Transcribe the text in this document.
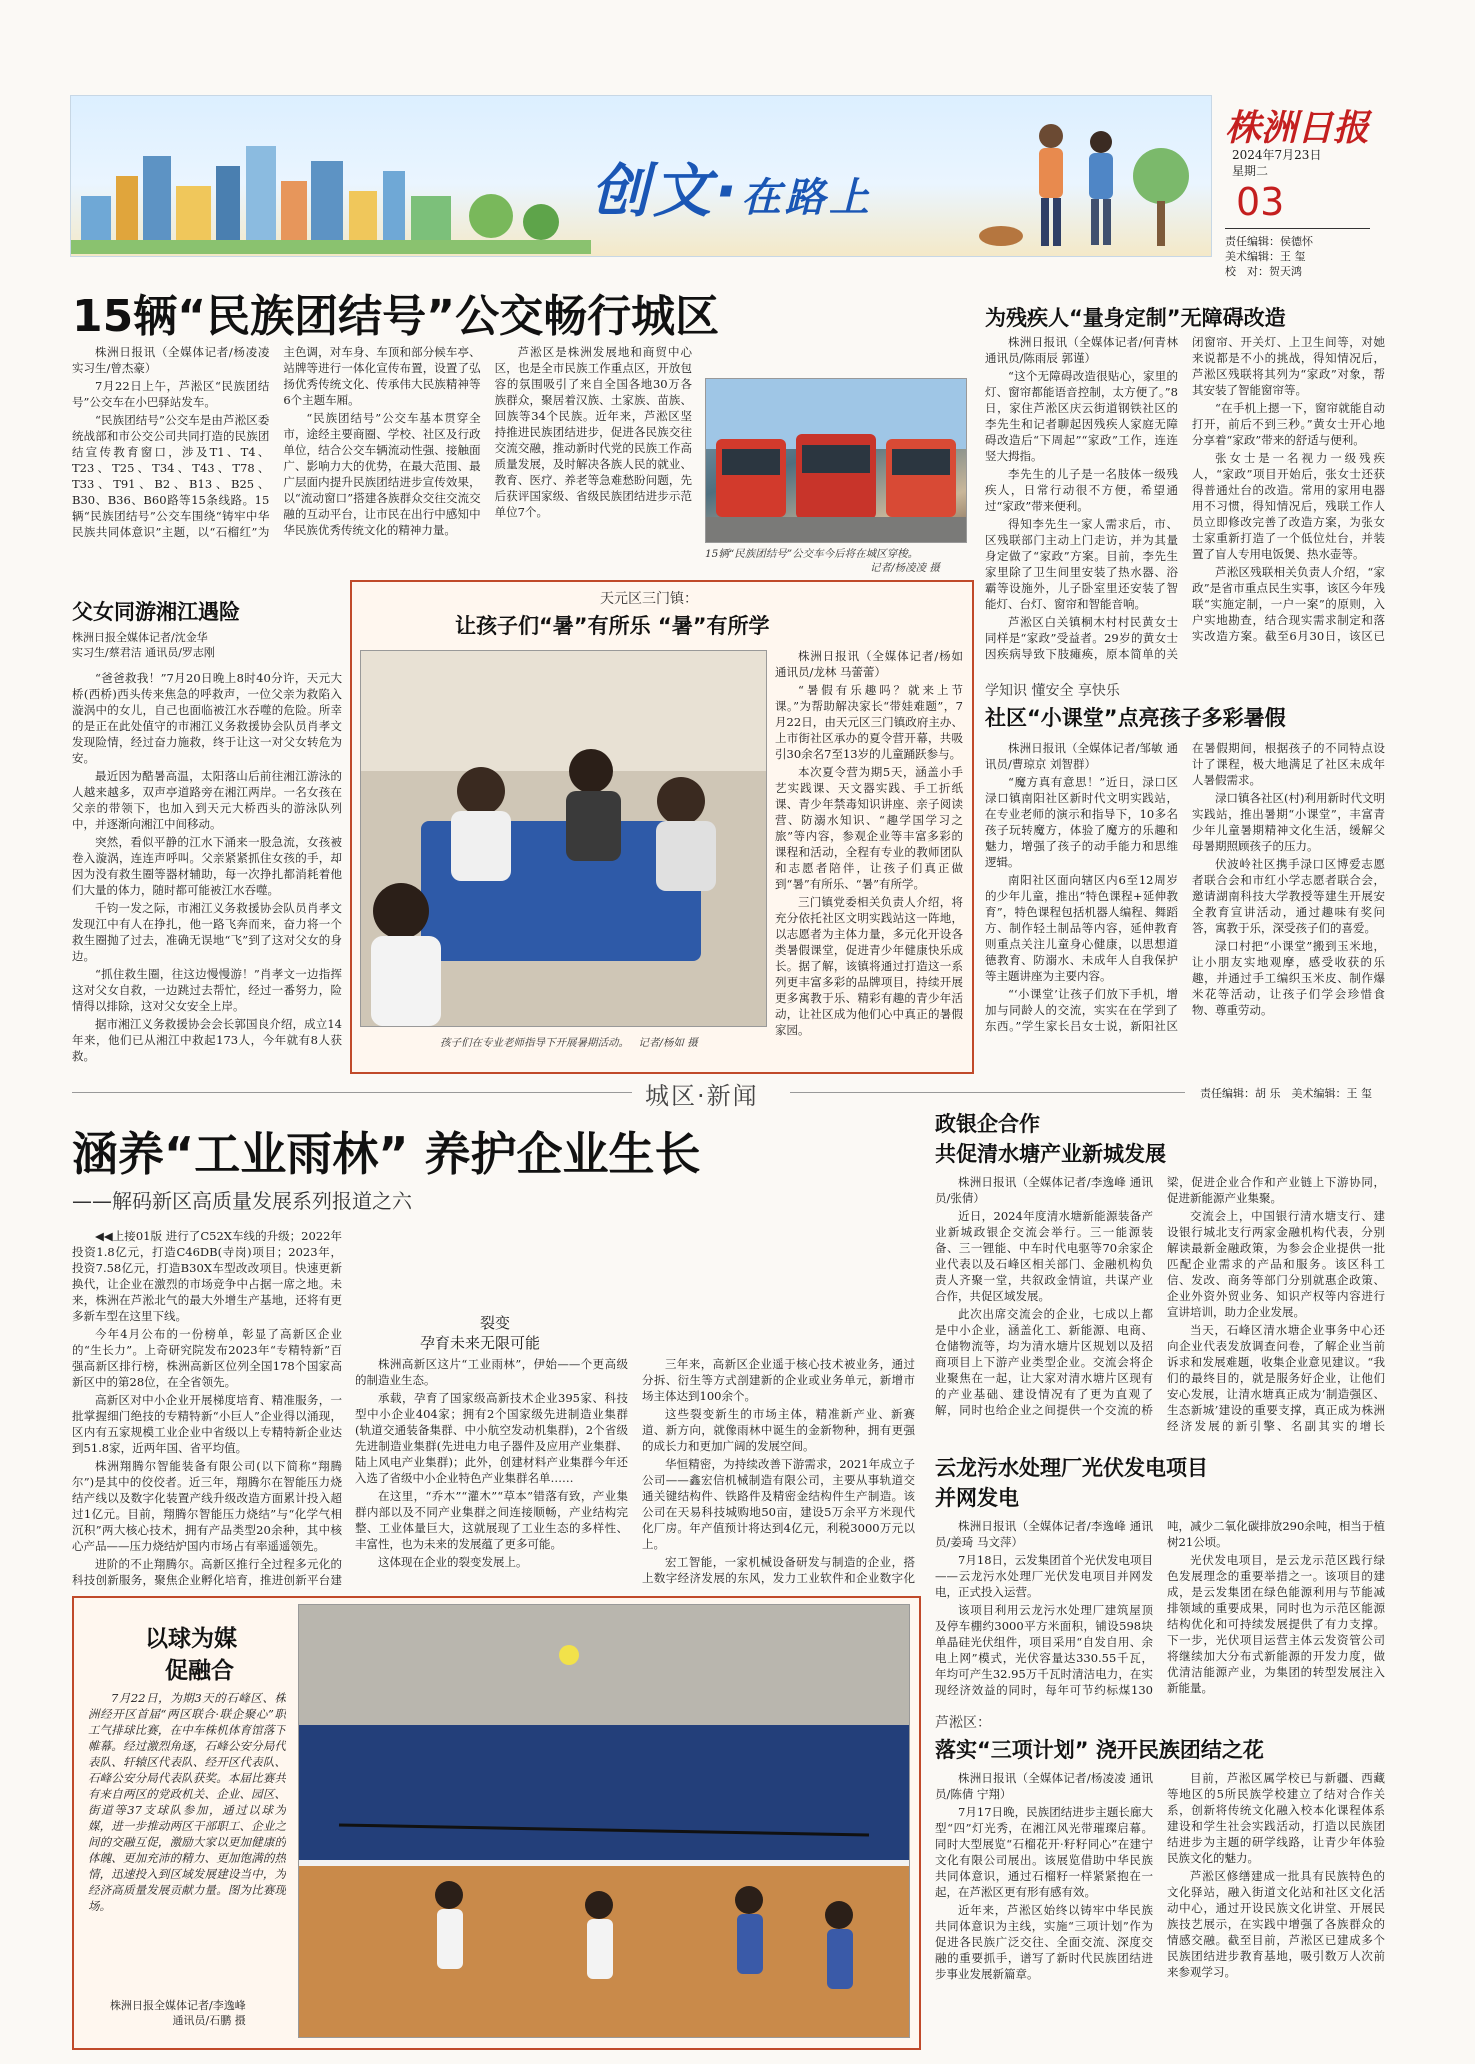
创文·在路上
株洲日报
2024年7月23日
星期二
03
责任编辑：侯德怀
美术编辑：王 玺
校　对：贺天鸿
15辆“民族团结号”公交畅行城区

株洲日报讯（全媒体记者/杨凌凌 实习生/曾杰豪）

7月22日上午，芦淞区“民族团结号”公交车在小巴驿站发车。

“民族团结号”公交车是由芦淞区委统战部和市公交公司共同打造的民族团结宣传教育窗口，涉及T1、T4、T23、T25、T34、T43、T78、T33、T91、B2、B13、B25、B30、B36、B60路等15条线路。15辆“民族团结号”公交车围绕“铸牢中华民族共同体意识”主题，以“石榴红”为主色调，对车身、车顶和部分候车亭、站牌等进行一体化宣传布置，设置了弘扬优秀传统文化、传承伟大民族精神等6个主题车厢。

“民族团结号”公交车基本贯穿全市，途经主要商圈、学校、社区及行政单位，结合公交车辆流动性强、接触面广、影响力大的优势，在最大范围、最广层面内提升民族团结进步宣传效果，以“流动窗口”搭建各族群众交往交流交融的互动平台，让市民在出行中感知中华民族优秀传统文化的精神力量。

芦淞区是株洲发展地和商贸中心区，也是全市民族工作重点区，开放包容的氛围吸引了来自全国各地30万各族群众，聚居着汉族、土家族、苗族、回族等34个民族。近年来，芦淞区坚持推进民族团结进步，促进各民族交往交流交融，推动新时代党的民族工作高质量发展，及时解决各族人民的就业、教育、医疗、养老等急难愁盼问题，先后获评国家级、省级民族团结进步示范单位7个。

15辆“民族团结号”公交车今后将在城区穿梭。
记者/杨凌凌 摄
为残疾人“量身定制”无障碍改造

株洲日报讯（全媒体记者/何青林 通讯员/陈雨辰 郭谨）

“这个无障碍改造很贴心，家里的灯、窗帘都能语音控制，太方便了。”8日，家住芦淞区庆云街道钢铁社区的李先生和记者聊起因残疾人家庭无障碍改造后“下周起”“家政”工作，连连竖大拇指。

李先生的儿子是一名肢体一级残疾人，日常行动很不方便，希望通过“家政”带来便利。

得知李先生一家人需求后，市、区残联部门主动上门走访，并为其量身定做了“家政”方案。目前，李先生家里除了卫生间里安装了热水器、浴霸等设施外，儿子卧室里还安装了智能灯、台灯、窗帘和智能音响。

芦淞区白关镇桐木村村民黄女士同样是“家政”受益者。29岁的黄女士因疾病导致下肢瘫痪，原本简单的关闭窗帘、开关灯、上卫生间等，对她来说都是不小的挑战，得知情况后，芦淞区残联将其列为“家政”对象，帮其安装了智能窗帘等。

“在手机上摁一下，窗帘就能自动打开，前后不到三秒。”黄女士开心地分享着“家政”带来的舒适与便利。

张女士是一名视力一级残疾人，“家政”项目开始后，张女士还获得普通灶台的改造。常用的家用电器用不习惯，得知情况后，残联工作人员立即修改完善了改造方案，为张女士家重新打造了一个低位灶台，并装置了盲人专用电饭煲、热水壶等。

芦淞区残联相关负责人介绍，“家政”是省市重点民生实事，该区今年残联“实施定制，一户一案”的原则，入户实地勘查，结合现实需求制定和落实改造方案。截至6月30日，该区已

学知识 懂安全 享快乐
社区“小课堂”点亮孩子多彩暑假

株洲日报讯（全媒体记者/邹敏 通讯员/曹琼京 刘智群）

“魔方真有意思！”近日，渌口区渌口镇南阳社区新时代文明实践站，在专业老师的演示和指导下，10多名孩子玩转魔方，体验了魔方的乐趣和魅力，增强了孩子的动手能力和思维逻辑。

南阳社区面向辖区内6至12周岁的少年儿童，推出“特色课程+延伸教育”，特色课程包括机器人编程、舞蹈方、制作轻土制品等内容，延伸教育则重点关注儿童身心健康，以思想道德教育、防溺水、未成年人自我保护等主题讲座为主要内容。

“‘小课堂’让孩子们放下手机，增加与同龄人的交流，实实在在学到了东西。”学生家长吕女士说，新阳社区在暑假期间，根据孩子的不同特点设计了课程，极大地满足了社区未成年人暑假需求。

渌口镇各社区(村)利用新时代文明实践站，推出暑期“小课堂”，丰富青少年儿童暑期精神文化生活，缓解父母暑期照顾孩子的压力。

伏波岭社区携手渌口区博爱志愿者联合会和市红小学志愿者联合会，邀请湖南科技大学教授等建生开展安全教育宣讲活动，通过趣味有奖问答，寓教于乐，深受孩子们的喜爱。

渌口村把“小课堂”搬到玉米地，让小朋友实地观摩，感受收获的乐趣，并通过手工编织玉米皮、制作爆米花等活动，让孩子们学会珍惜食物、尊重劳动。

父女同游湘江遇险
株洲日报全媒体记者/沈金华
实习生/蔡君洁 通讯员/罗志刚

“爸爸救我！”7月20日晚上8时40分许，天元大桥(西桥)西头传来焦急的呼救声，一位父亲为救陷入漩涡中的女儿，自己也面临被江水吞噬的危险。所幸的是正在此处值守的市湘江义务救援协会队员肖孝文发现险情，经过奋力施救，终于让这一对父女转危为安。

最近因为酷暑高温，太阳落山后前往湘江游泳的人越来越多，双声亭道路旁在湘江两岸。一名女孩在父亲的带领下，也加入到天元大桥西头的游泳队列中，并逐渐向湘江中间移动。

突然，看似平静的江水下涌来一股急流，女孩被卷入漩涡，连连声呼叫。父亲紧紧抓住女孩的手，却因为没有救生圈等器材辅助，每一次挣扎都消耗着他们大量的体力，随时都可能被江水吞噬。

千钧一发之际，市湘江义务救援协会队员肖孝文发现江中有人在挣扎，他一路飞奔而来，奋力将一个救生圈抛了过去，准确无误地“飞”到了这对父女的身边。

“抓住救生圈，往这边慢慢游！”肖孝文一边指挥这对父女自救，一边跳过去帮忙，经过一番努力，险情得以排除，这对父女安全上岸。

据市湘江义务救援协会会长郭国良介绍，成立14年来，他们已从湘江中救起173人，今年就有8人获救。

天元区三门镇：
让孩子们“暑”有所乐 “暑”有所学
孩子们在专业老师指导下开展暑期活动。 记者/杨如 摄

株洲日报讯（全媒体记者/杨如 通讯员/龙林 马蕾蕾）

“暑假有乐趣吗？就来上节课。”为帮助解决家长“带娃难题”，7月22日，由天元区三门镇政府主办、上市街社区承办的夏令营开幕，共吸引30余名7至13岁的儿童踊跃参与。

本次夏令营为期5天，涵盖小手艺实践课、天文器实践、手工折纸课、青少年禁毒知识讲座、亲子阅读营、防溺水知识、“趣学国学习之旅”等内容，参观企业等丰富多彩的课程和活动，全程有专业的教师团队和志愿者陪伴，让孩子们真正做到“暑”有所乐、“暑”有所学。

三门镇党委相关负责人介绍，将充分依托社区文明实践站这一阵地，以志愿者为主体力量，多元化开设各类暑假课堂，促进青少年健康快乐成长。据了解，该镇将通过打造这一系列更丰富多彩的品牌项目，持续开展更多寓教于乐、精彩有趣的青少年活动，让社区成为他们心中真正的暑假家园。

城区·新闻	责任编辑：胡 乐　美术编辑：王 玺
涵养“工业雨林” 养护企业生长
——解码新区高质量发展系列报道之六

◀◀上接01版 进行了C52X车线的升级；2022年投资1.8亿元，打造C46DB(寺岗)项目；2023年，投资7.58亿元，打造B30X车型改改项目。快速更新换代，让企业在激烈的市场竞争中占据一席之地。未来，株洲在芦淞北气的最大外增生产基地，还将有更多新车型在这里下线。

今年4月公布的一份榜单，彰显了高新区企业的“生长力”。上奇研究院发布2023年“专精特新”百强高新区排行榜，株洲高新区位列全国178个国家高新区中的第28位，在全省领先。

高新区对中小企业开展梯度培育、精准服务，一批掌握细门绝技的专精特新“小巨人”企业得以涌现，区内有五家规模工业企业中省级以上专精特新企业达到51.8家，近两年国、省平均值。

株洲翔腾尔智能装备有限公司(以下简称“翔腾尔”)是其中的佼佼者。近三年，翔腾尔在智能压力烧结产线以及数字化装置产线升级改造方面累计投入超过1亿元。目前，翔腾尔智能压力烧结”与“化学气相沉积”两大核心技术，拥有产品类型20余种，其中核心产品——压力烧结炉国内市场占有率遥遥领先。

进阶的不止翔腾尔。高新区推行全过程多元化的科技创新服务，聚焦企业孵化培育，推进创新平台建

裂变
孕育未来无限可能

株洲高新区这片“工业雨林”，伊始——个更高级的制造业生态。

承载，孕育了国家级高新技术企业395家、科技型中小企业404家；拥有2个国家级先进制造业集群(轨道交通装备集群、中小航空发动机集群)，2个省级先进制造业集群(先进电力电子器件及应用产业集群、陆上风电产业集群)；此外，创建材料产业集群今年还入选了省级中小企业特色产业集群名单……

在这里，“乔木”“灌木”“草本”错落有致，产业集群内部以及不同产业集群之间连接顺畅，产业结构完整、工业体量巨大，这就展现了工业生态的多样性、丰富性，也为未来的发展蕴了更多可能。

这体现在企业的裂变发展上。

三年来，高新区企业遥于核心技术被业务，通过分拆、衍生等方式剖建新的企业或业务单元，新增市场主体达到100余个。

这些裂变新生的市场主体，精准新产业、新赛道、新方向，就像雨林中诞生的金新物种，拥有更强的成长力和更加广阔的发展空间。

华恒精密，为持续改善下游需求，2021年成立子公司——鑫宏信机械制造有限公司，主要从事轨道交通关键结构件、铁路件及精密金结构件生产制造。该公司在天易科技城购地50亩，建设5万余平方米现代化厂房。年产值预计将达到4亿元，利税3000万元以上。

宏工智能，一家机械设备研发与制造的企业，搭上数字经济发展的东风，发力工业软件和企业数字化

政银企合作
共促清水塘产业新城发展

株洲日报讯（全媒体记者/李逸峰 通讯员/张倩）

近日，2024年度清水塘新能源装备产业新城政银企交流会举行。三一能源装备、三一锂能、中车时代电驱等70余家企业代表以及石峰区相关部门、金融机构负责人齐聚一堂，共叙政金情谊，共谋产业合作，共促区域发展。

此次出席交流会的企业，七成以上都是中小企业，涵盖化工、新能源、电商、仓储物流等，均为清水塘片区规划以及招商项目上下游产业类型企业。交流会将企业聚焦在一起，让大家对清水塘片区现有的产业基础、建设情况有了更为直观了解，同时也给企业之间提供一个交流的桥梁，促进企业合作和产业链上下游协同，促进新能源产业集聚。

交流会上，中国银行清水塘支行、建设银行城北支行两家金融机构代表，分别解读最新金融政策，为参会企业提供一批匹配企业需求的产品和服务。该区科工信、发改、商务等部门分别就惠企政策、企业外资外贸业务、知识产权等内容进行宣讲培训，助力企业发展。

当天，石峰区清水塘企业事务中心还向企业代表发放调查问卷，了解企业当前诉求和发展难题，收集企业意见建议。“我们的最终目的，就是服务好企业，让他们安心发展，让清水塘真正成为‘制造强区、生态新城’建设的重要支撑，真正成为株洲经济发展的新引擎、名副其实的增长

云龙污水处理厂光伏发电项目
并网发电

株洲日报讯（全媒体记者/李逸峰 通讯员/姜琦 马文萍）

7月18日，云发集团首个光伏发电项目——云龙污水处理厂光伏发电项目并网发电，正式投入运营。

该项目利用云龙污水处理厂建筑屋顶及停车棚约3000平方米面积，铺设598块单晶硅光伏组件，项目采用“自发自用、余电上网”模式，光伏容量达330.55千瓦，年均可产生32.95万千瓦时清洁电力，在实现经济效益的同时，每年可节约标煤130吨，减少二氧化碳排放290余吨，相当于植树21公顷。

光伏发电项目，是云龙示范区践行绿色发展理念的重要举措之一。该项目的建成，是云发集团在绿色能源利用与节能减排领域的重要成果，同时也为示范区能源结构优化和可持续发展提供了有力支撑。下一步，光伏项目运营主体云发资管公司将继续加大分布式新能源的开发力度，做优清洁能源产业，为集团的转型发展注入新能量。

芦淞区：
落实“三项计划” 浇开民族团结之花

株洲日报讯（全媒体记者/杨凌凌 通讯员/陈倩 宁翔）

7月17日晚，民族团结进步主题长廊大型“四”灯光秀，在湘江风光带璀璨启幕。同时大型展览“石榴花开·籽籽同心”在建宁文化有限公司展出。该展览借助中华民族共同体意识，通过石榴籽一样紧紧抱在一起，在芦淞区更有形有感有效。

近年来，芦淞区始终以铸牢中华民族共同体意识为主线，实施“三项计划”作为促进各民族广泛交往、全面交流、深度交融的重要抓手，谱写了新时代民族团结进步事业发展新篇章。

目前，芦淞区属学校已与新疆、西藏等地区的5所民族学校建立了结对合作关系，创新将传统文化融入校本化课程体系建设和学生社会实践活动，打造以民族团结进步为主题的研学线路，让青少年体验民族文化的魅力。

芦淞区修缮建成一批具有民族特色的文化驿站，融入街道文化站和社区文化活动中心，通过开设民族文化讲堂、开展民族技艺展示，在实践中增强了各族群众的情感交融。截至目前，芦淞区已建成多个民族团结进步教育基地，吸引数万人次前来参观学习。

以球为媒
促融合

7月22日，为期3天的石峰区、株洲经开区首届“两区联合·联企聚心”职工气排球比赛，在中车株机体育馆落下帷幕。经过激烈角逐，石峰公安分局代表队、轩辕区代表队、经开区代表队、石峰公安分局代表队获奖。本届比赛共有来自两区的党政机关、企业、园区、街道等37支球队参加，通过以球为媒，进一步推动两区干部职工、企业之间的交融互促，激励大家以更加健康的体魄、更加充沛的精力、更加饱满的热情，迅速投入到区域发展建设当中，为经济高质量发展贡献力量。图为比赛现场。

株洲日报全媒体记者/李逸峰
通讯员/石鹏 摄
